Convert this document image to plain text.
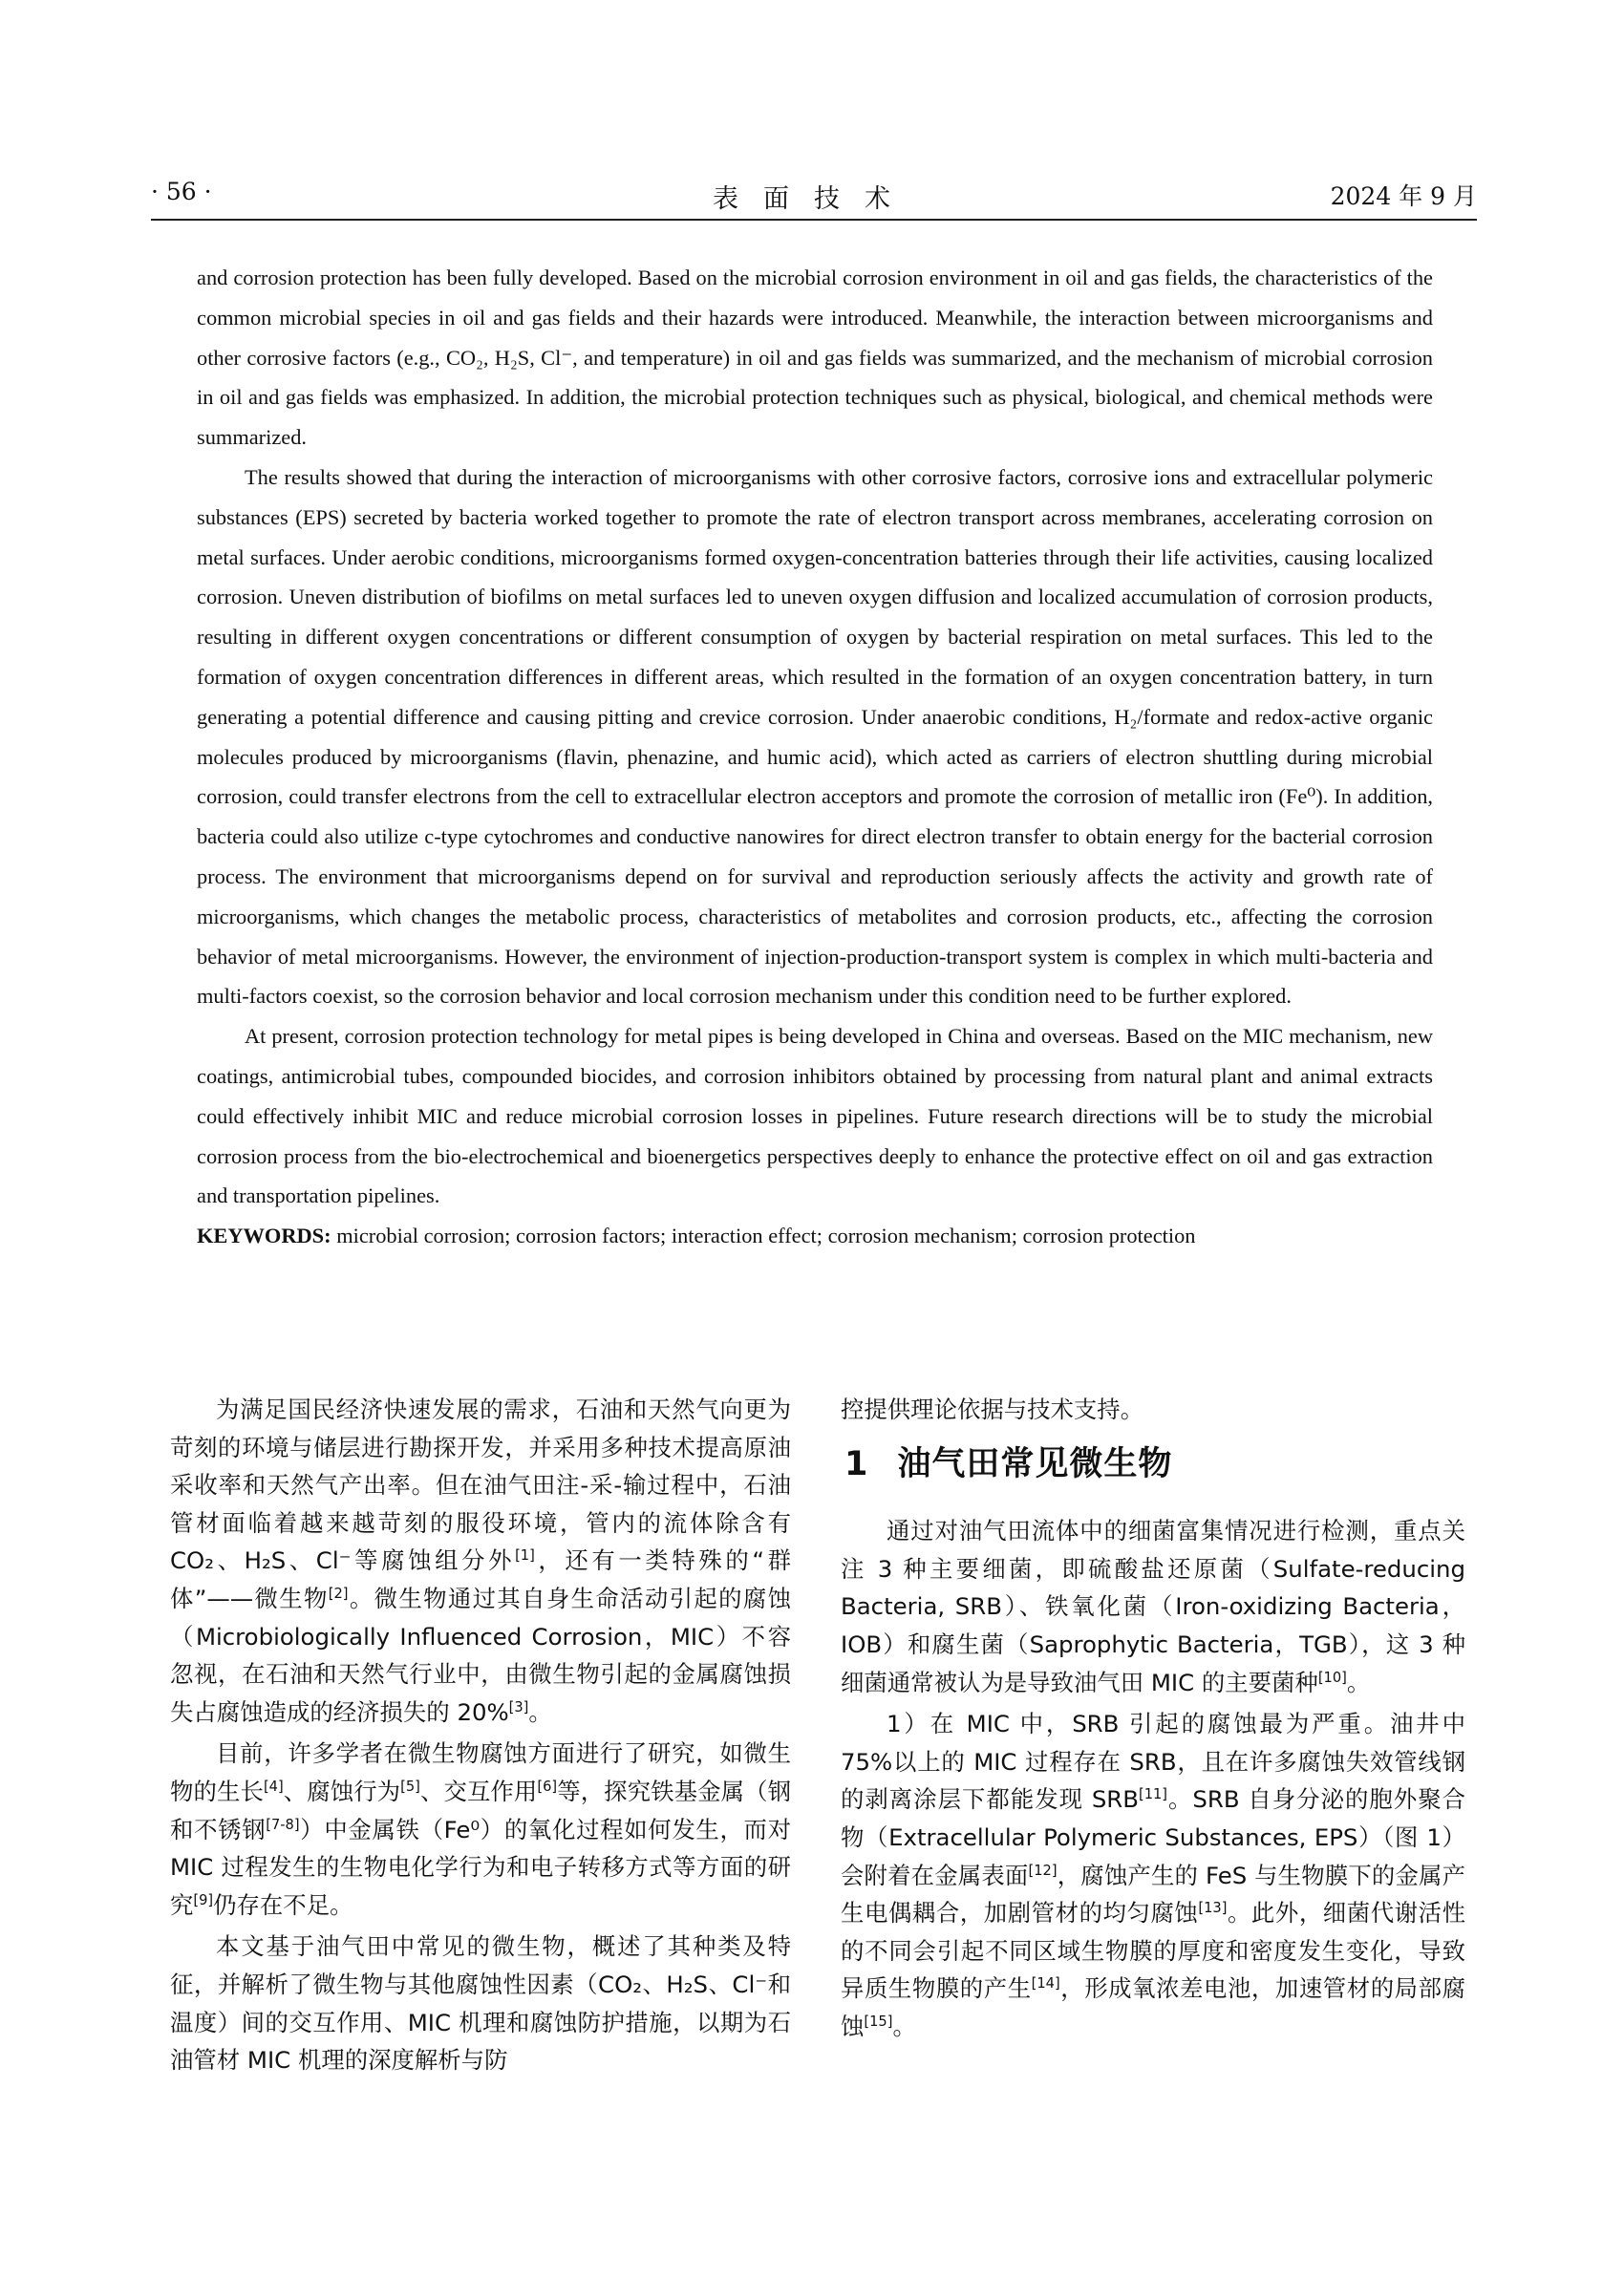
· 56 ·	表面技术	2024 年 9 月

and corrosion protection has been fully developed. Based on the microbial corrosion environment in oil and gas fields, the characteristics of the common microbial species in oil and gas fields and their hazards were introduced. Meanwhile, the interaction between microorganisms and other corrosive factors (e.g., CO₂, H₂S, Cl⁻, and temperature) in oil and gas fields was summarized, and the mechanism of microbial corrosion in oil and gas fields was emphasized. In addition, the microbial protection techniques such as physical, biological, and chemical methods were summarized.

The results showed that during the interaction of microorganisms with other corrosive factors, corrosive ions and extracellular polymeric substances (EPS) secreted by bacteria worked together to promote the rate of electron transport across membranes, accelerating corrosion on metal surfaces. Under aerobic conditions, microorganisms formed oxygen-concentration batteries through their life activities, causing localized corrosion. Uneven distribution of biofilms on metal surfaces led to uneven oxygen diffusion and localized accumulation of corrosion products, resulting in different oxygen concentrations or different consumption of oxygen by bacterial respiration on metal surfaces. This led to the formation of oxygen concentration differences in different areas, which resulted in the formation of an oxygen concentration battery, in turn generating a potential difference and causing pitting and crevice corrosion. Under anaerobic conditions, H₂/formate and redox-active organic molecules produced by microorganisms (flavin, phenazine, and humic acid), which acted as carriers of electron shuttling during microbial corrosion, could transfer electrons from the cell to extracellular electron acceptors and promote the corrosion of metallic iron (Fe⁰). In addition, bacteria could also utilize c-type cytochromes and conductive nanowires for direct electron transfer to obtain energy for the bacterial corrosion process. The environment that microorganisms depend on for survival and reproduction seriously affects the activity and growth rate of microorganisms, which changes the metabolic process, characteristics of metabolites and corrosion products, etc., affecting the corrosion behavior of metal microorganisms. However, the environment of injection-production-transport system is complex in which multi-bacteria and multi-factors coexist, so the corrosion behavior and local corrosion mechanism under this condition need to be further explored.

At present, corrosion protection technology for metal pipes is being developed in China and overseas. Based on the MIC mechanism, new coatings, antimicrobial tubes, compounded biocides, and corrosion inhibitors obtained by processing from natural plant and animal extracts could effectively inhibit MIC and reduce microbial corrosion losses in pipelines. Future research directions will be to study the microbial corrosion process from the bio-electrochemical and bioenergetics perspectives deeply to enhance the protective effect on oil and gas extraction and transportation pipelines.

KEYWORDS: microbial corrosion; corrosion factors; interaction effect; corrosion mechanism; corrosion protection

为满足国民经济快速发展的需求，石油和天然气向更为苛刻的环境与储层进行勘探开发，并采用多种技术提高原油采收率和天然气产出率。但在油气田注-采-输过程中，石油管材面临着越来越苛刻的服役环境，管内的流体除含有 CO₂、H₂S、Cl⁻等腐蚀组分外[1]，还有一类特殊的“群体”——微生物[2]。微生物通过其自身生命活动引起的腐蚀（Microbiologically Influenced Corrosion，MIC）不容忽视，在石油和天然气行业中，由微生物引起的金属腐蚀损失占腐蚀造成的经济损失的 20%[3]。

目前，许多学者在微生物腐蚀方面进行了研究，如微生物的生长[4]、腐蚀行为[5]、交互作用[6]等，探究铁基金属（钢和不锈钢[7-8]）中金属铁（Fe⁰）的氧化过程如何发生，而对 MIC 过程发生的生物电化学行为和电子转移方式等方面的研究[9]仍存在不足。

本文基于油气田中常见的微生物，概述了其种类及特征，并解析了微生物与其他腐蚀性因素（CO₂、H₂S、Cl⁻和温度）间的交互作用、MIC 机理和腐蚀防护措施，以期为石油管材 MIC 机理的深度解析与防

控提供理论依据与技术支持。

1 油气田常见微生物

通过对油气田流体中的细菌富集情况进行检测，重点关注 3 种主要细菌，即硫酸盐还原菌（Sulfate-reducing Bacteria, SRB）、铁氧化菌（Iron-oxidizing Bacteria，IOB）和腐生菌（Saprophytic Bacteria，TGB），这 3 种细菌通常被认为是导致油气田 MIC 的主要菌种[10]。

1）在 MIC 中，SRB 引起的腐蚀最为严重。油井中 75%以上的 MIC 过程存在 SRB，且在许多腐蚀失效管线钢的剥离涂层下都能发现 SRB[11]。SRB 自身分泌的胞外聚合物（Extracellular Polymeric Substances, EPS）（图 1）会附着在金属表面[12]，腐蚀产生的 FeS 与生物膜下的金属产生电偶耦合，加剧管材的均匀腐蚀[13]。此外，细菌代谢活性的不同会引起不同区域生物膜的厚度和密度发生变化，导致异质生物膜的产生[14]，形成氧浓差电池，加速管材的局部腐蚀[15]。
